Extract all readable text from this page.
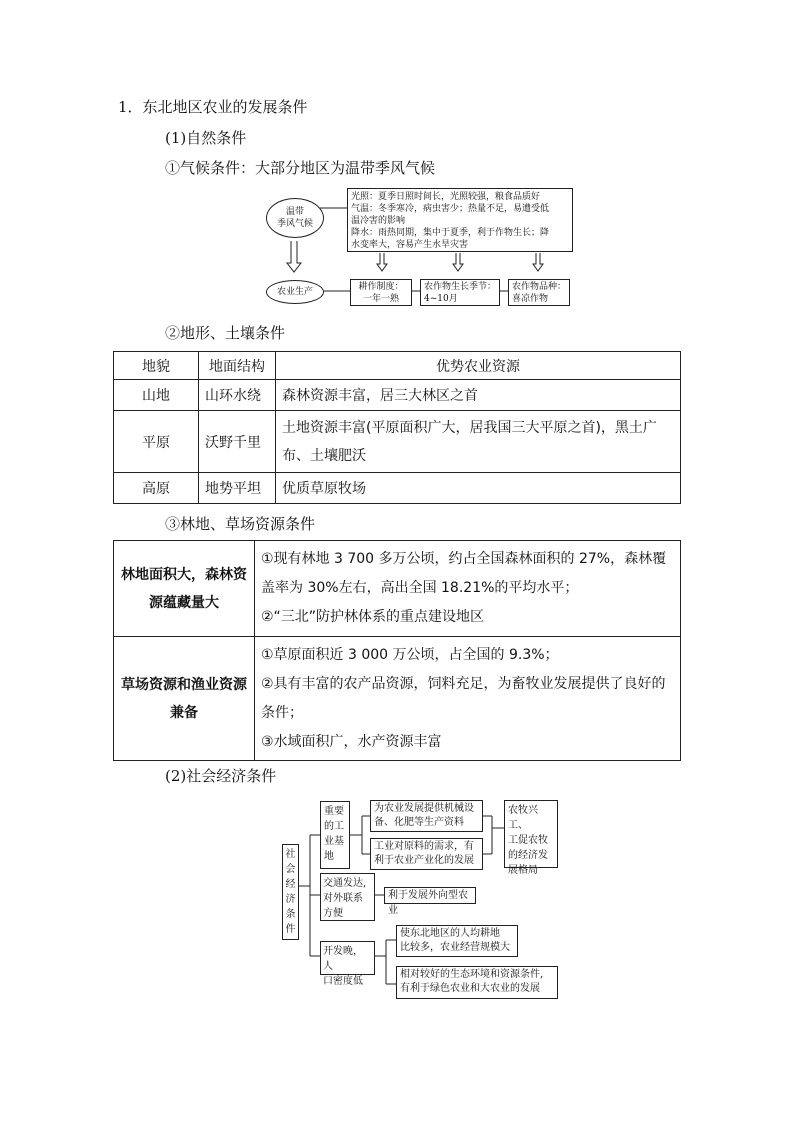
1．东北地区农业的发展条件
(1)自然条件
①气候条件：大部分地区为温带季风气候
温带
季风气候
光照：夏季日照时间长，光照较强，粮食品质好
气温：冬季寒冷，病虫害少；热量不足，易遭受低
温冷害的影响
降水：雨热同期，集中于夏季，利于作物生长；降
水变率大，容易产生水旱灾害
农业生产	耕作制度：
一年一熟
农作物生长季节：
4~10月
农作物品种：
喜凉作物
②地形、土壤条件
地貌	地面结构	优势农业资源
山地	山环水绕	森林资源丰富，居三大林区之首
平原	沃野千里	土地资源丰富(平原面积广大，居我国三大平原之首)，黑土广布、土壤肥沃
高原	地势平坦	优质草原牧场
③林地、草场资源条件
林地面积大，森林资源蕴藏量大	①现有林地 3 700 多万公顷，约占全国森林面积的 27%，森林覆盖率为 30%左右，高出全国 18.21%的平均水平；
②“三北”防护林体系的重点建设地区

草场资源和渔业资源兼备	①草原面积近 3 000 万公顷，占全国的 9.3%；
②具有丰富的农产品资源，饲料充足，为畜牧业发展提供了良好的条件；
③水域面积广，水产资源丰富
(2)社会经济条件
社
会
经
济
条
件
重要
的工
业基
地
为农业发展提供机械设
备、化肥等生产资料
工业对原料的需求，有
利于农业产业化的发展
农牧兴工、
工促农牧
的经济发
展格局
交通发达,
对外联系
方便
利于发展外向型农业
开发晚，人
口密度低
使东北地区的人均耕地
比较多，农业经营规模大
相对较好的生态环境和资源条件,
有利于绿色农业和大农业的发展
